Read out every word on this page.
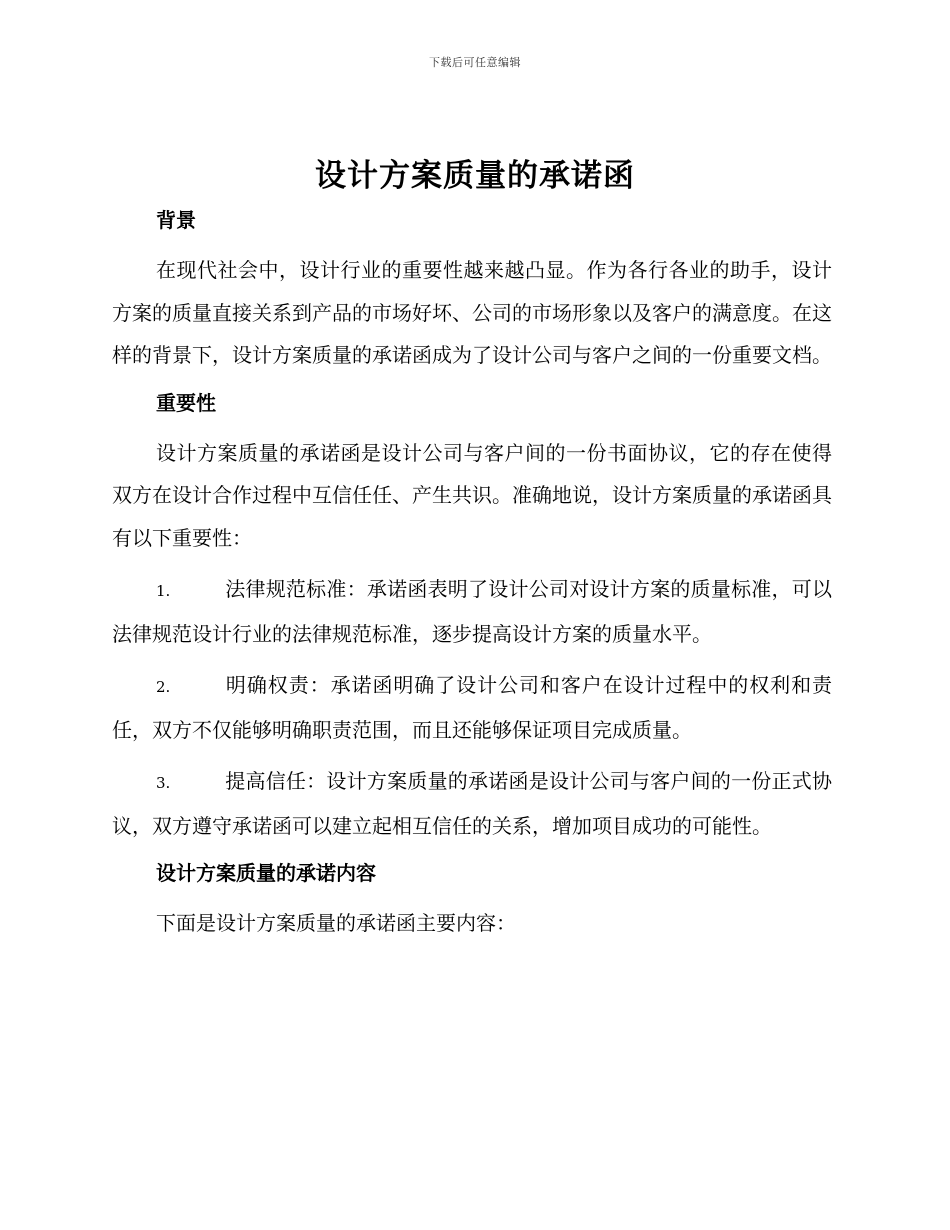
下载后可任意编辑
设计方案质量的承诺函
背景

在现代社会中，设计行业的重要性越来越凸显。作为各行各业的助手，设计方案的质量直接关系到产品的市场好坏、公司的市场形象以及客户的满意度。在这样的背景下，设计方案质量的承诺函成为了设计公司与客户之间的一份重要文档。

重要性

设计方案质量的承诺函是设计公司与客户间的一份书面协议，它的存在使得双方在设计合作过程中互信任任、产生共识。准确地说，设计方案质量的承诺函具有以下重要性：

1.	法律规范标准：承诺函表明了设计公司对设计方案的质量标准，可以法律规范设计行业的法律规范标准，逐步提高设计方案的质量水平。

2.	明确权责：承诺函明确了设计公司和客户在设计过程中的权利和责任，双方不仅能够明确职责范围，而且还能够保证项目完成质量。

3.	提高信任：设计方案质量的承诺函是设计公司与客户间的一份正式协议，双方遵守承诺函可以建立起相互信任的关系，增加项目成功的可能性。

设计方案质量的承诺内容

下面是设计方案质量的承诺函主要内容：
